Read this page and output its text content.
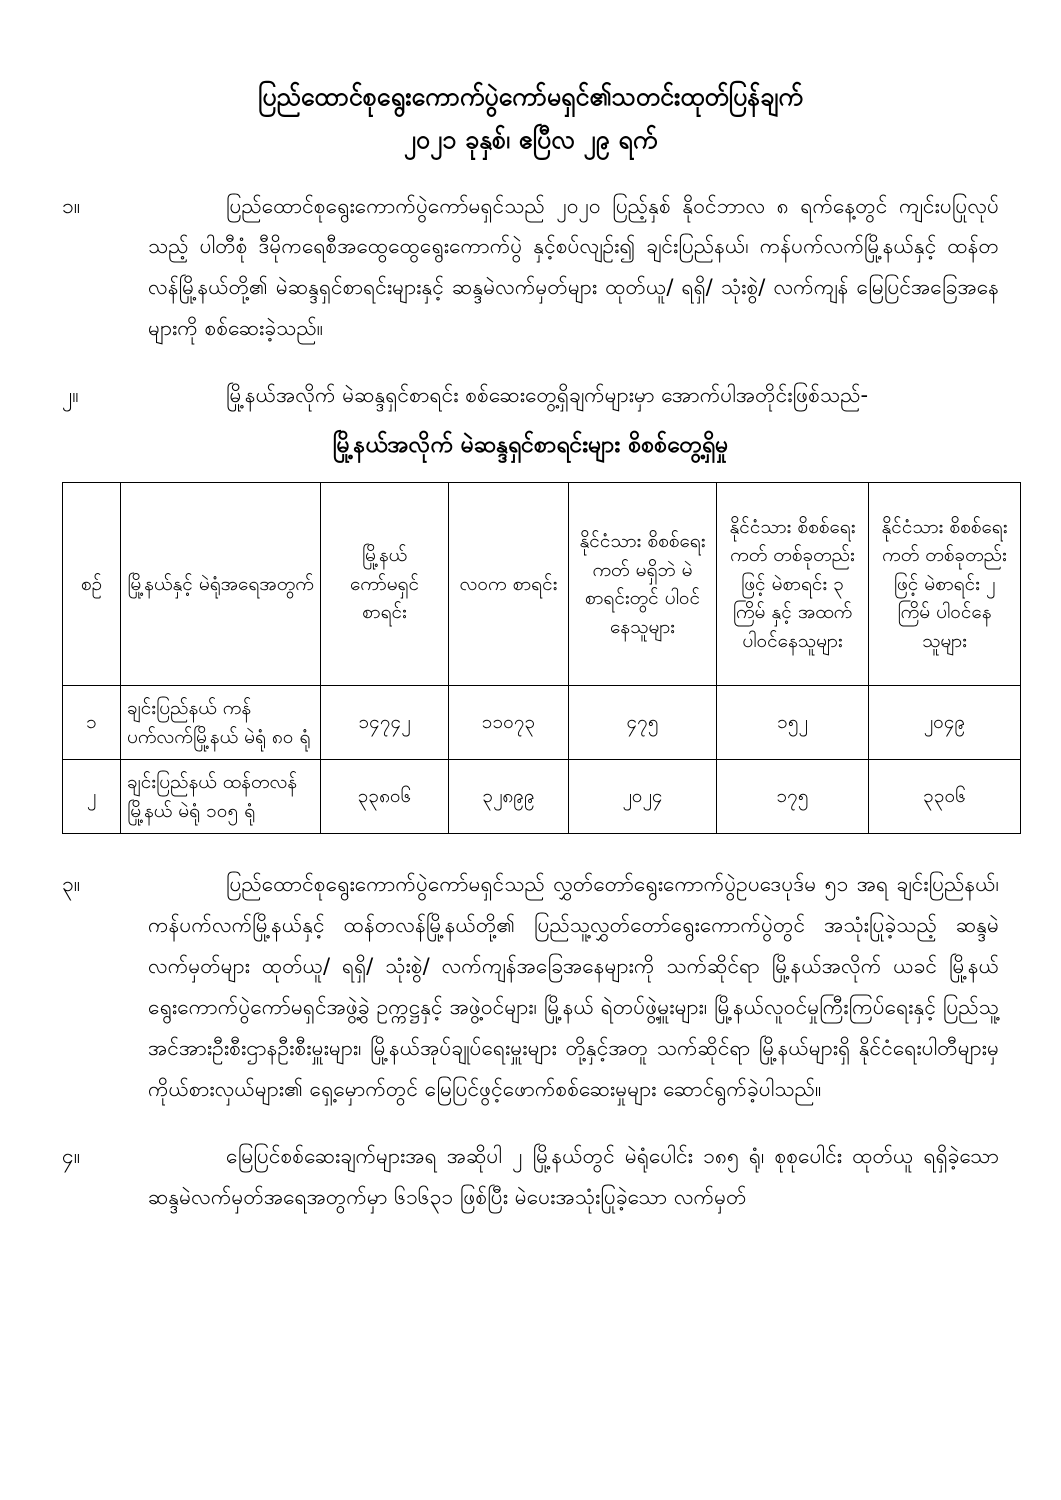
ပြည်ထောင်စုရွေးကောက်ပွဲကော်မရှင်၏သတင်းထုတ်ပြန်ချက်
၂၀၂၁ ခုနှစ်၊ ဧပြီလ ၂၉ ရက်
၁။	ပြည်ထောင်စုရွေးကောက်ပွဲကော်မရှင်သည် ၂၀၂၀ ပြည့်နှစ် နိုဝင်ဘာလ ၈ ရက်နေ့တွင် ကျင်းပပြုလုပ်သည့် ပါတီစုံ ဒီမိုကရေစီအထွေထွေရွေးကောက်ပွဲ နှင့်စပ်လျဉ်း၍ ချင်းပြည်နယ်၊ ကန်ပက်လက်မြို့နယ်နှင့် ထန်တလန်မြို့နယ်တို့၏ မဲဆန္ဒရှင်စာရင်းများနှင့် ဆန္ဒမဲလက်မှတ်များ ထုတ်ယူ/ ရရှိ/ သုံးစွဲ/ လက်ကျန် မြေပြင်အခြေအနေများကို စစ်ဆေးခဲ့သည်။
၂။	မြို့နယ်အလိုက် မဲဆန္ဒရှင်စာရင်း စစ်ဆေးတွေ့ရှိချက်များမှာ အောက်ပါအတိုင်းဖြစ်သည်-
မြို့နယ်အလိုက် မဲဆန္ဒရှင်စာရင်းများ စိစစ်တွေ့ရှိမှု
စဉ်	မြို့နယ်နှင့် မဲရုံအရေအတွက်	မြို့နယ် ကော်မရှင် စာရင်း	လဝက စာရင်း	နိုင်ငံသား စိစစ်ရေးကတ် မရှိဘဲ မဲစာရင်းတွင် ပါဝင်နေသူများ	နိုင်ငံသား စိစစ်ရေးကတ် တစ်ခုတည်းဖြင့် မဲစာရင်း ၃ ကြိမ် နှင့် အထက် ပါဝင်နေသူများ	နိုင်ငံသား စိစစ်ရေးကတ် တစ်ခုတည်းဖြင့် မဲစာရင်း ၂ ကြိမ် ပါဝင်နေသူများ
၁	ချင်းပြည်နယ် ကန်ပက်လက်မြို့နယ် မဲရုံ ၈၀ ရုံ	၁၄၇၄၂	၁၁၀၇၃	၄၇၅	၁၅၂	၂၀၄၉
၂	ချင်းပြည်နယ် ထန်တလန်မြို့နယ် မဲရုံ ၁၀၅ ရုံ	၃၃၈၀၆	၃၂၈၉၉	၂၀၂၄	၁၇၅	၃၃၀၆
၃။	ပြည်ထောင်စုရွေးကောက်ပွဲကော်မရှင်သည် လွှတ်တော်ရွေးကောက်ပွဲဥပဒေပုဒ်မ ၅၁ အရ ချင်းပြည်နယ်၊ ကန်ပက်လက်မြို့နယ်နှင့် ထန်တလန်မြို့နယ်တို့၏ ပြည်သူ့လွှတ်တော်ရွေးကောက်ပွဲတွင် အသုံးပြုခဲ့သည့် ဆန္ဒမဲလက်မှတ်များ ထုတ်ယူ/ ရရှိ/ သုံးစွဲ/ လက်ကျန်အခြေအနေများကို သက်ဆိုင်ရာ မြို့နယ်အလိုက် ယခင် မြို့နယ်ရွေးကောက်ပွဲကော်မရှင်အဖွဲ့ခွဲ ဥက္ကဋ္ဌနှင့် အဖွဲ့ဝင်များ၊ မြို့နယ် ရဲတပ်ဖွဲ့မှူးများ၊ မြို့နယ်လူဝင်မှုကြီးကြပ်ရေးနှင့် ပြည်သူ့အင်အားဦးစီးဌာနဦးစီးမှူးများ၊ မြို့နယ်အုပ်ချုပ်ရေးမှူးများ တို့နှင့်အတူ သက်ဆိုင်ရာ မြို့နယ်များရှိ နိုင်ငံရေးပါတီများမှ ကိုယ်စားလှယ်များ၏ ရှေ့မှောက်တွင် မြေပြင်ဖွင့်ဖောက်စစ်ဆေးမှုများ ဆောင်ရွက်ခဲ့ပါသည်။
၄။	မြေပြင်စစ်ဆေးချက်များအရ အဆိုပါ ၂ မြို့နယ်တွင် မဲရုံပေါင်း ၁၈၅ ရုံ၊ စုစုပေါင်း ထုတ်ယူ ရရှိခဲ့သော ဆန္ဒမဲလက်မှတ်အရေအတွက်မှာ ၆၁၆၃၁ ဖြစ်ပြီး မဲပေးအသုံးပြုခဲ့သော လက်မှတ်
